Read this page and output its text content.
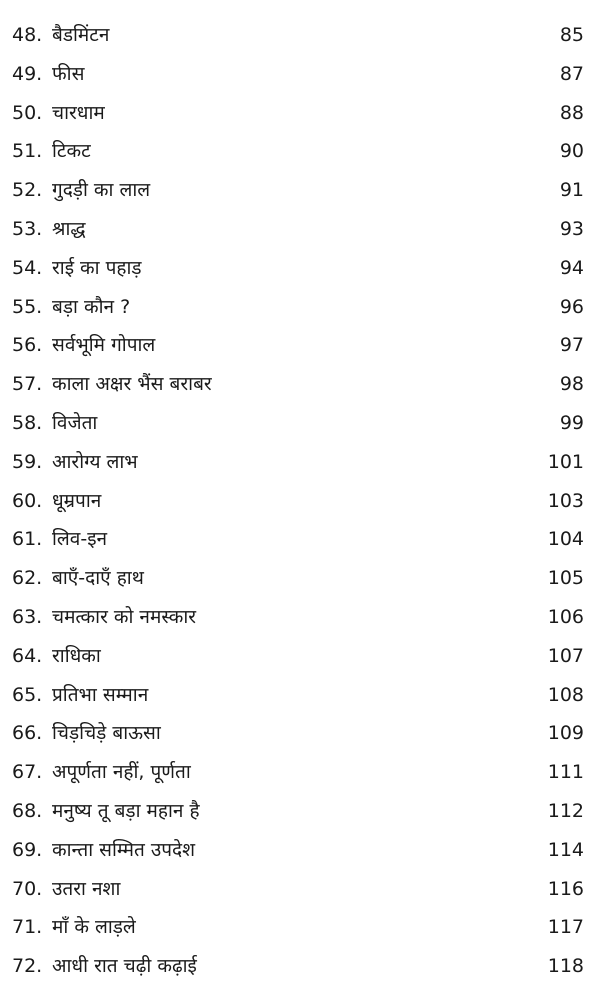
48. बैडमिंटन	85
49. फीस	87
50. चारधाम	88
51. टिकट	90
52. गुदड़ी का लाल	91
53. श्राद्ध	93
54. राई का पहाड़	94
55. बड़ा कौन ?	96
56. सर्वभूमि गोपाल	97
57. काला अक्षर भैंस बराबर	98
58. विजेता	99
59. आरोग्य लाभ	101
60. धूम्रपान	103
61. लिव-इन	104
62. बाएँ-दाएँ हाथ	105
63. चमत्कार को नमस्कार	106
64. राधिका	107
65. प्रतिभा सम्मान	108
66. चिड़चिड़े बाऊसा	109
67. अपूर्णता नहीं, पूर्णता	111
68. मनुष्य तू बड़ा महान है	112
69. कान्ता सम्मित उपदेश	114
70. उतरा नशा	116
71. माँ के लाड़ले	117
72. आधी रात चढ़ी कढ़ाई	118
